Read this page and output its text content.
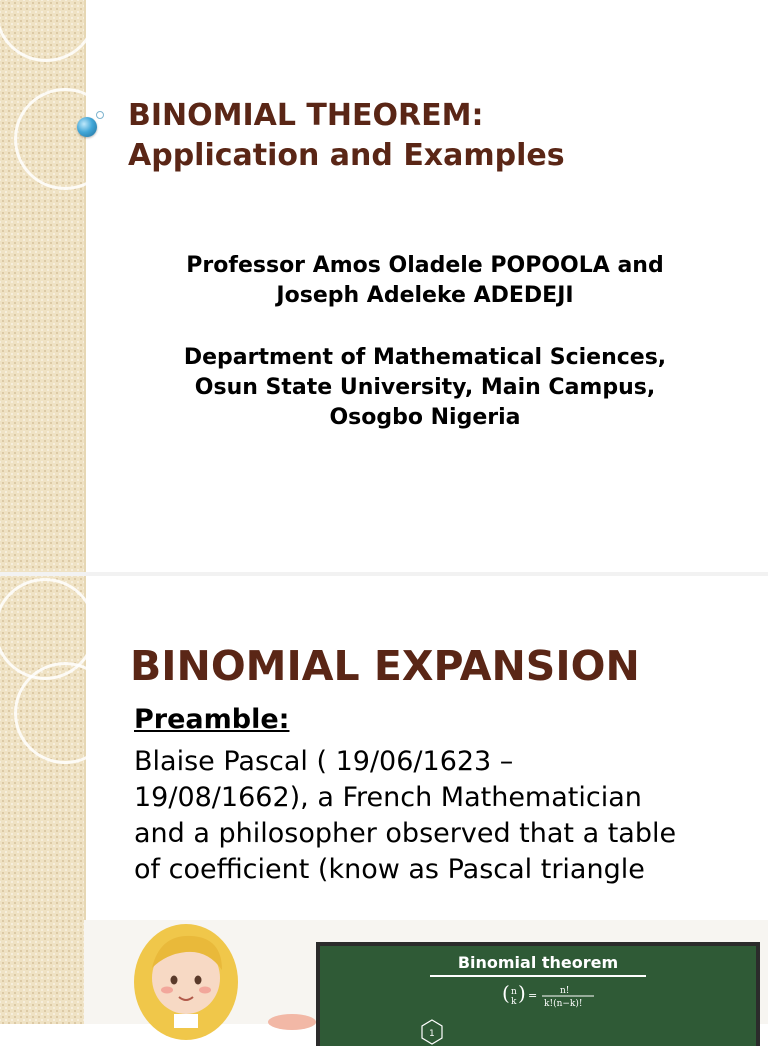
BINOMIAL THEOREM:
Application and Examples
Professor Amos Oladele POPOOLA and
Joseph Adeleke ADEDEJI
Department of Mathematical Sciences,
Osun State University, Main Campus,
Osogbo Nigeria
BINOMIAL EXPANSION
Preamble:
Blaise Pascal ( 19/06/1623 –
19/08/1662), a French Mathematician
and a philosopher observed that a table
of coefficient (know as Pascal triangle
Binomial theorem
( n
k ) =	n!
k!(n−k)!
1
